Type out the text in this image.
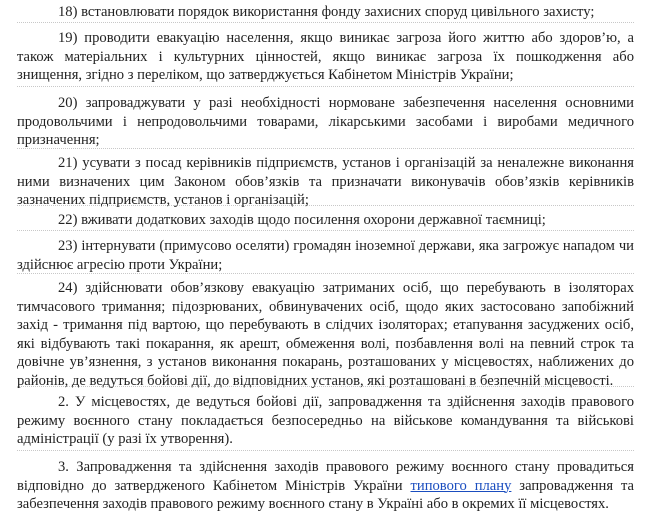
18) встановлювати порядок використання фонду захисних споруд цивільного захисту;
19) проводити евакуацію населення, якщо виникає загроза його життю або здоров’ю, а
також матеріальних і культурних цінностей, якщо виникає загроза їх пошкодження або
знищення, згідно з переліком, що затверджується Кабінетом Міністрів України;
20) запроваджувати у разі необхідності нормоване забезпечення населення основними
продовольчими і непродовольчими товарами, лікарськими засобами і виробами медичного
призначення;
21) усувати з посад керівників підприємств, установ і організацій за неналежне виконання
ними визначених цим Законом обов’язків та призначати виконувачів обов’язків керівників
зазначених підприємств, установ і організацій;
22) вживати додаткових заходів щодо посилення охорони державної таємниці;
23) інтернувати (примусово оселяти) громадян іноземної держави, яка загрожує нападом чи
здійснює агресію проти України;
24) здійснювати обов’язкову евакуацію затриманих осіб, що перебувають в ізоляторах
тимчасового тримання; підозрюваних, обвинувачених осіб, щодо яких застосовано запобіжний
захід - тримання під вартою, що перебувають в слідчих ізоляторах; етапування засуджених осіб,
які відбувають такі покарання, як арешт, обмеження волі, позбавлення волі на певний строк та
довічне ув’язнення, з установ виконання покарань, розташованих у місцевостях, наближених до
районів, де ведуться бойові дії, до відповідних установ, які розташовані в безпечній місцевості.
2. У місцевостях, де ведуться бойові дії, запровадження та здійснення заходів правового
режиму воєнного стану покладається безпосередньо на військове командування та військові
адміністрації (у разі їх утворення).
3. Запровадження та здійснення заходів правового режиму воєнного стану провадиться
відповідно до затвердженого Кабінетом Міністрів України типового плану запровадження та
забезпечення заходів правового режиму воєнного стану в Україні або в окремих її місцевостях.
